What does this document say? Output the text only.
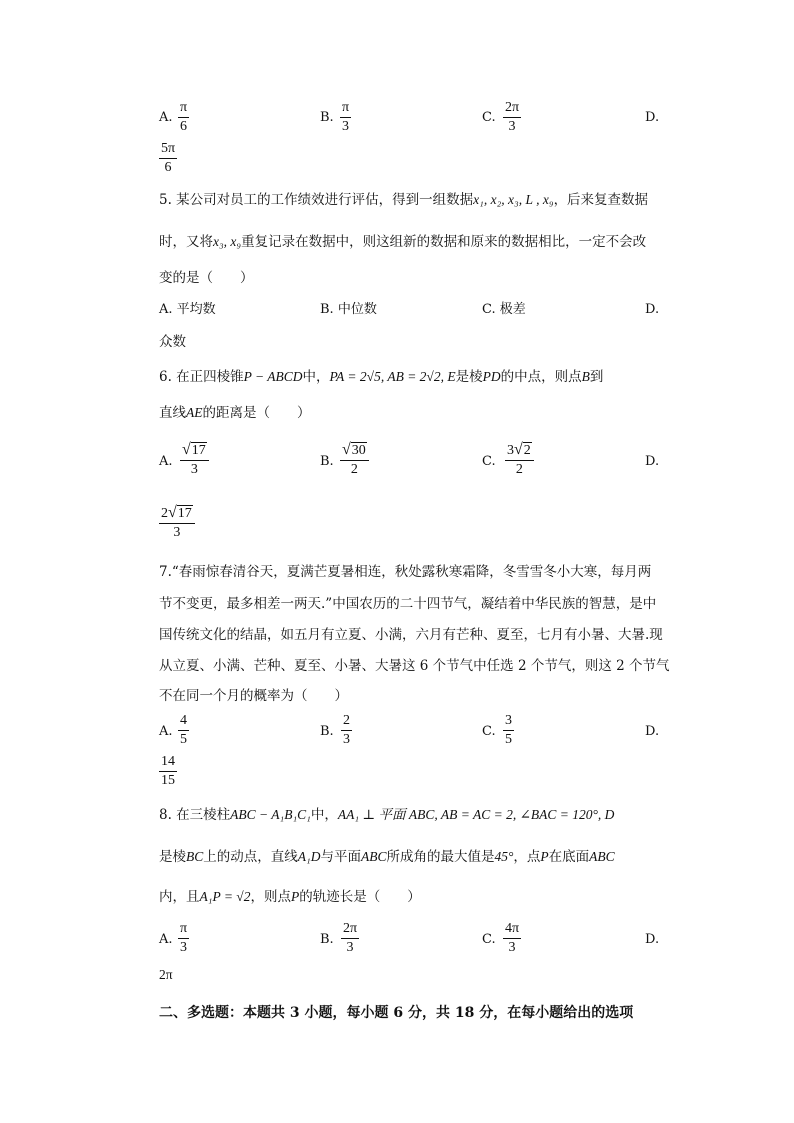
A. $\frac{\pi}{6}$	B. $\frac{\pi}{3}$	C. $\frac{2\pi}{3}$	D.
$\frac{5\pi}{6}$
5. 某公司对员工的工作绩效进行评估，得到一组数据x₁, x₂, x₃, L , x₉，后来复查数据
时，又将x₃, x₉重复记录在数据中，则这组新的数据和原来的数据相比，一定不会改
变的是（　　）
A. 平均数	B. 中位数	C. 极差	D.
众数
6. 在正四棱锥P − ABCD中，PA = 2√5, AB = 2√2, E是棱PD的中点，则点B到
直线AE的距离是（　　）
A. $\frac{√ 17}{3}$	B. $\frac{√ 30}{2}$	C. $\frac{3 √ 2}{2}$	D.
$\frac{2 √ 17}{3}$
7.“春雨惊春清谷天，夏满芒夏暑相连，秋处露秋寒霜降，冬雪雪冬小大寒，每月两
节不变更，最多相差一两天.”中国农历的二十四节气，凝结着中华民族的智慧，是中
国传统文化的结晶，如五月有立夏、小满，六月有芒种、夏至，七月有小暑、大暑.现
从立夏、小满、芒种、夏至、小暑、大暑这 6 个节气中任选 2 个节气，则这 2 个节气
不在同一个月的概率为（　　）
A. $\frac{4}{5}$	B. $\frac{2}{3}$	C. $\frac{3}{5}$	D.
$\frac{14}{15}$
8. 在三棱柱ABC − A₁B₁C₁中，AA₁ ⊥ 平面 ABC, AB = AC = 2, ∠BAC = 120°, D
是棱BC上的动点，直线A₁D与平面ABC所成角的最大值是45°，点P在底面ABC
内，且A₁P = √2，则点P的轨迹长是（　　）
A. $\frac{\pi}{3}$	B. $\frac{2\pi}{3}$	C. $\frac{4\pi}{3}$	D.
2π
二、多选题：本题共 3 小题，每小题 6 分，共 18 分，在每小题给出的选项
